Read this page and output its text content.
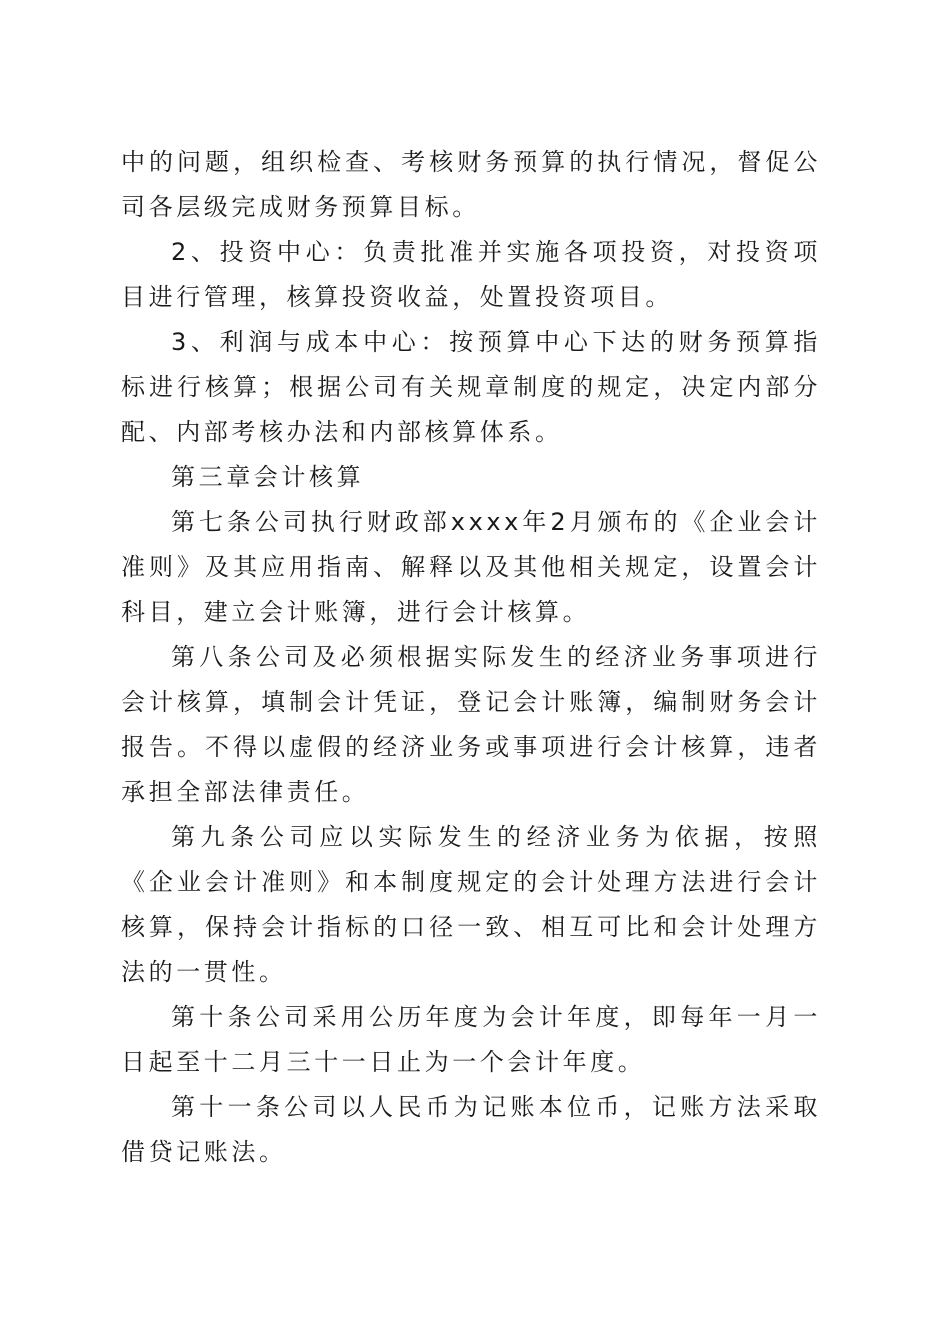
中的问题，组织检查、考核财务预算的执行情况，督促公司各层级完成财务预算目标。

2、投资中心：负责批准并实施各项投资，对投资项目进行管理，核算投资收益，处置投资项目。

3、利润与成本中心：按预算中心下达的财务预算指标进行核算；根据公司有关规章制度的规定，决定内部分配、内部考核办法和内部核算体系。

第三章会计核算

第七条公司执行财政部xxxx年2月颁布的《企业会计准则》及其应用指南、解释以及其他相关规定，设置会计科目，建立会计账簿，进行会计核算。

第八条公司及必须根据实际发生的经济业务事项进行会计核算，填制会计凭证，登记会计账簿，编制财务会计报告。不得以虚假的经济业务或事项进行会计核算，违者承担全部法律责任。

第九条公司应以实际发生的经济业务为依据，按照《企业会计准则》和本制度规定的会计处理方法进行会计核算，保持会计指标的口径一致、相互可比和会计处理方法的一贯性。

第十条公司采用公历年度为会计年度，即每年一月一日起至十二月三十一日止为一个会计年度。

第十一条公司以人民币为记账本位币，记账方法采取借贷记账法。
